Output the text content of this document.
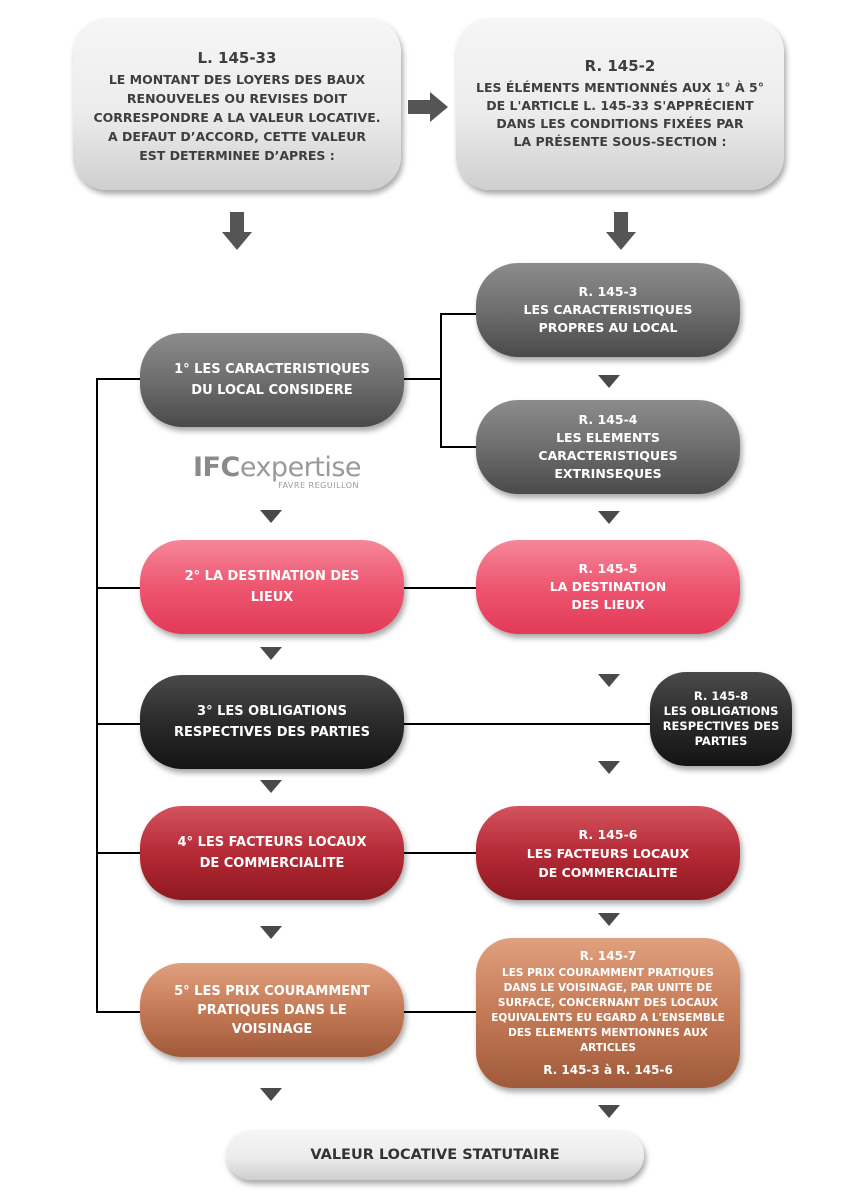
L. 145-33
LE MONTANT DES LOYERS DES BAUX
RENOUVELES OU REVISES DOIT
CORRESPONDRE A LA VALEUR LOCATIVE.
A DEFAUT D’ACCORD, CETTE VALEUR
EST DETERMINEE D’APRES :
R. 145-2
LES ÉLÉMENTS MENTIONNÉS AUX 1° À 5°
DE L'ARTICLE L. 145-33 S'APPRÉCIENT
DANS LES CONDITIONS FIXÉES PAR
LA PRÉSENTE SOUS-SECTION :
1° LES CARACTERISTIQUES
DU LOCAL CONSIDERE
IFCexpertise
FAVRE REGUILLON
2° LA DESTINATION DES
LIEUX
3° LES OBLIGATIONS
RESPECTIVES DES PARTIES
4° LES FACTEURS LOCAUX
DE COMMERCIALITE
5° LES PRIX COURAMMENT
PRATIQUES DANS LE
VOISINAGE
R. 145-3
LES CARACTERISTIQUES
PROPRES AU LOCAL
R. 145-4
LES ELEMENTS
CARACTERISTIQUES
EXTRINSEQUES
R. 145-5
LA DESTINATION
DES LIEUX
R. 145-8
LES OBLIGATIONS
RESPECTIVES DES
PARTIES
R. 145-6
LES FACTEURS LOCAUX
DE COMMERCIALITE
R. 145-7
LES PRIX COURAMMENT PRATIQUES
DANS LE VOISINAGE, PAR UNITE DE
SURFACE, CONCERNANT DES LOCAUX
EQUIVALENTS EU EGARD A L'ENSEMBLE
DES ELEMENTS MENTIONNES AUX
ARTICLES
R. 145-3 à R. 145-6
VALEUR LOCATIVE STATUTAIRE
